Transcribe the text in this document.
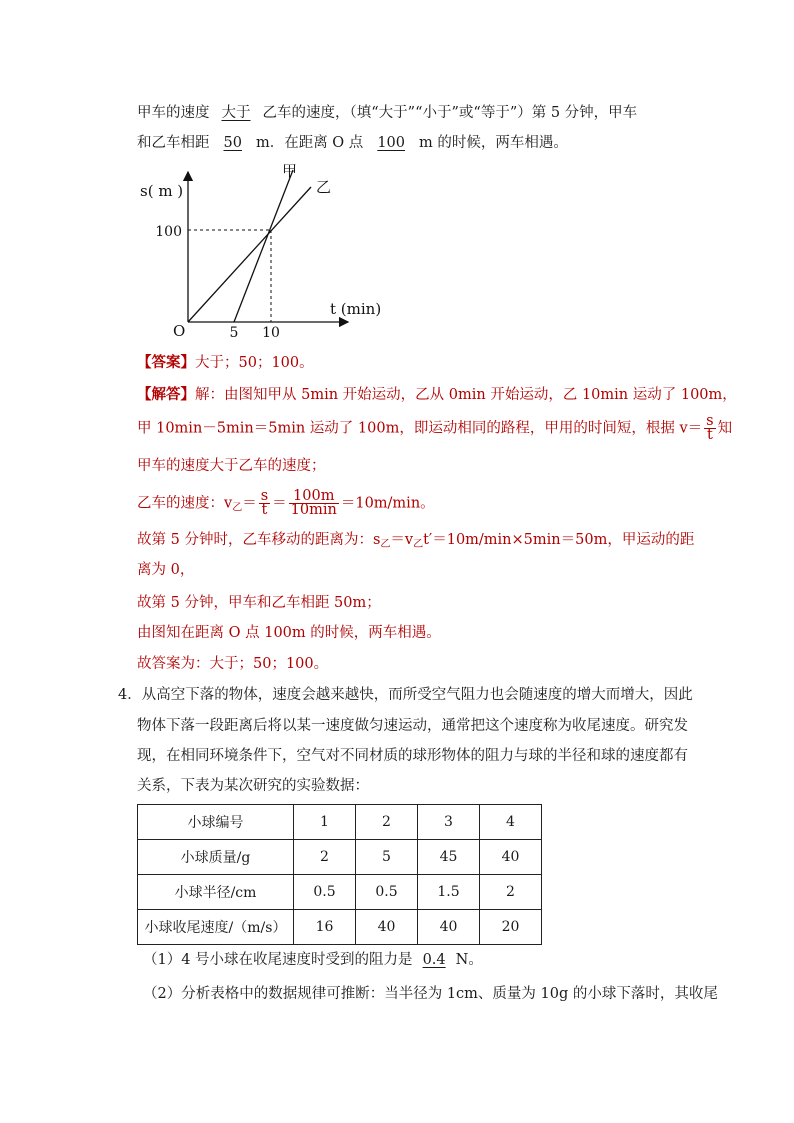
甲车的速度 大于 乙车的速度，（填“大于”“小于”或“等于”）第 5 分钟，甲车
和乙车相距 50 m．在距离 O 点 100 m 的时候，两车相遇。
s( m )
t (min)
O
100
5 10
甲
乙
【答案】大于；50；100。
【解答】解：由图知甲从 5min 开始运动，乙从 0min 开始运动，乙 10min 运动了 100m，
甲 10min－5min＝5min 运动了 100m，即运动相同的路程，甲用的时间短，根据 $v= \frac{s}{t}$ 知
甲车的速度大于乙车的速度；
乙车的速度：$v_乙= \frac{s}{t} = \frac{100m}{10\min} =10m/\min$。
故第 5 分钟时，乙车移动的距离为：$s_乙=v_乙t'=10m/\min\times 5\min=50m$，甲运动的距
离为 0，
故第 5 分钟，甲车和乙车相距 50m；
由图知在距离 O 点 100m 的时候，两车相遇。
故答案为：大于；50；100。
4．从高空下落的物体，速度会越来越快，而所受空气阻力也会随速度的增大而增大，因此
物体下落一段距离后将以某一速度做匀速运动，通常把这个速度称为收尾速度。研究发
现，在相同环境条件下，空气对不同材质的球形物体的阻力与球的半径和球的速度都有
关系，下表为某次研究的实验数据：
小球编号	1	2	3	4
小球质量/g	2	5	45	40
小球半径/cm	0.5	0.5	1.5	2
小球收尾速度/（m/s）	16	40	40	20
（1）4 号小球在收尾速度时受到的阻力是 0.4 N。
（2）分析表格中的数据规律可推断：当半径为 1cm、质量为 10g 的小球下落时，其收尾
